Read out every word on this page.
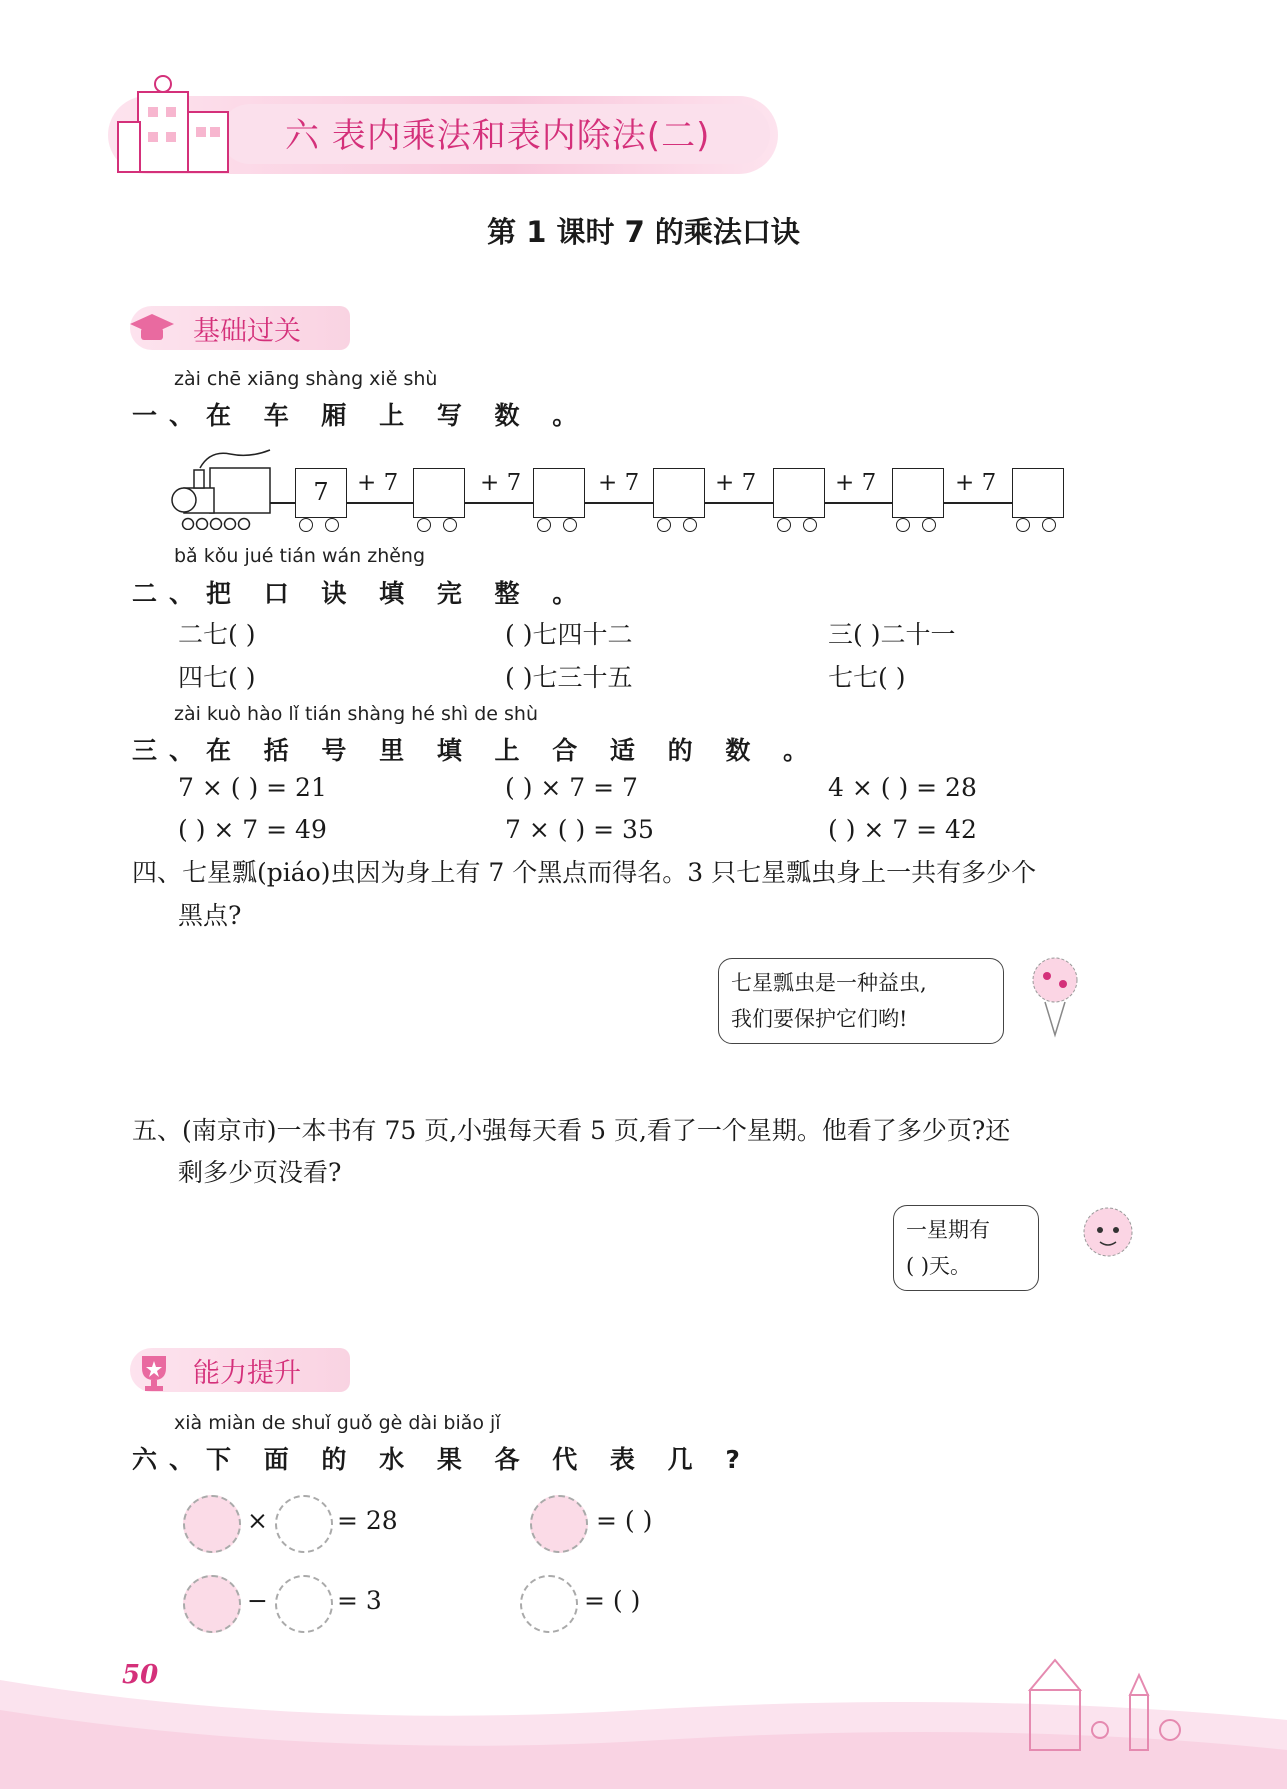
六 表内乘法和表内除法(二)
第 1 课时 7 的乘法口诀
基础过关
zài chē xiāng shàng xiě shù
一、在 车 厢 上 写 数 。
7	+ 7	+ 7	+ 7	+ 7	+ 7	+ 7
bǎ kǒu jué tián wán zhěng
二、把 口 诀 填 完 整 。
二七( )	( )七四十二	三( )二十一
四七( )	( )七三十五	七七( )
zài kuò hào lǐ tián shàng hé shì de shù
三、在 括 号 里 填 上 合 适 的 数 。
7 × ( ) = 21	( ) × 7 = 7	4 × ( ) = 28
( ) × 7 = 49	7 × ( ) = 35	( ) × 7 = 42
四、七星瓢(piáo)虫因为身上有 7 个黑点而得名。3 只七星瓢虫身上一共有多少个
黑点?
七星瓢虫是一种益虫,
我们要保护它们哟!
五、(南京市)一本书有 75 页,小强每天看 5 页,看了一个星期。他看了多少页?还
剩多少页没看?
一星期有
( )天。
能力提升
xià miàn de shuǐ guǒ gè dài biǎo jǐ
六、下 面 的 水 果 各 代 表 几 ?
×	= 28	= ( )
−	= 3	= ( )
50
